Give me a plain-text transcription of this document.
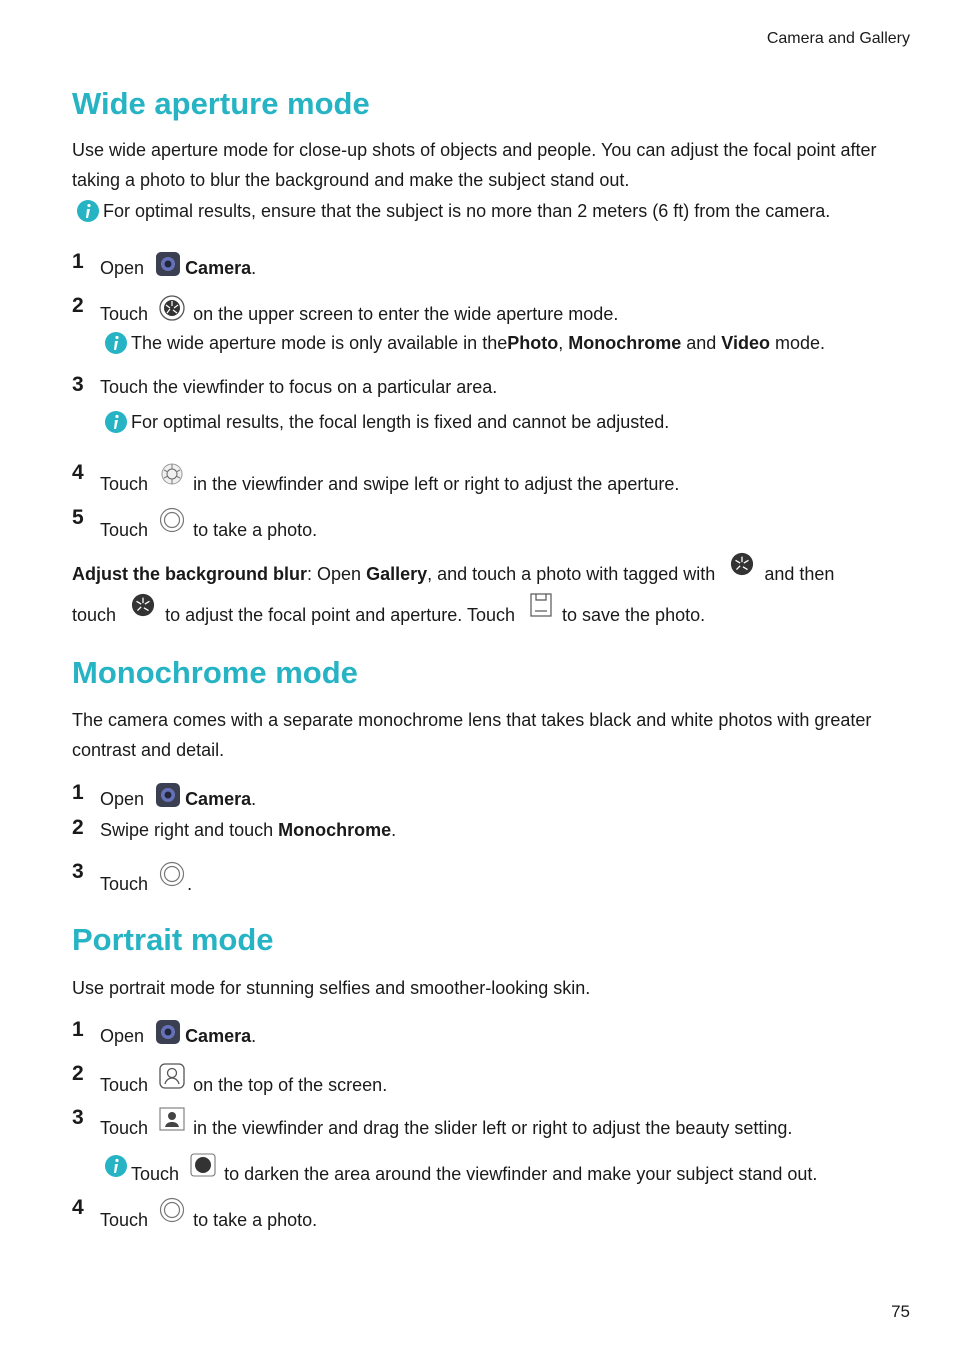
Camera and Gallery
75
Wide aperture mode

Use wide aperture mode for close-up shots of objects and people. You can adjust the focal point after taking a photo to blur the background and make the subject stand out.

For optimal results, ensure that the subject is no more than 2 meters (6 ft) from the camera.
1 Open Camera.
2 Touch	on the upper screen to enter the wide aperture mode.
The wide aperture mode is only available in thePhoto, Monochrome and Video mode.
3 Touch the viewfinder to focus on a particular area.
For optimal results, the focal length is fixed and cannot be adjusted.
4 Touch	in the viewfinder and swipe left or right to adjust the aperture.
5
Touch	to take a photo.
Adjust the background blur: Open Gallery, and touch a photo with tagged with	and then
touch	to adjust the focal point and aperture. Touch	to save the photo.
Monochrome mode

The camera comes with a separate monochrome lens that takes black and white photos with greater contrast and detail.

1 Open Camera.
2 Swipe right and touch Monochrome.
3
Touch .
Portrait mode

Use portrait mode for stunning selfies and smoother-looking skin.

1 Open Camera.
2 Touch	on the top of the screen.
3 Touch	in the viewfinder and drag the slider left or right to adjust the beauty setting.
Touch	to darken the area around the viewfinder and make your subject stand out.
4
Touch	to take a photo.
